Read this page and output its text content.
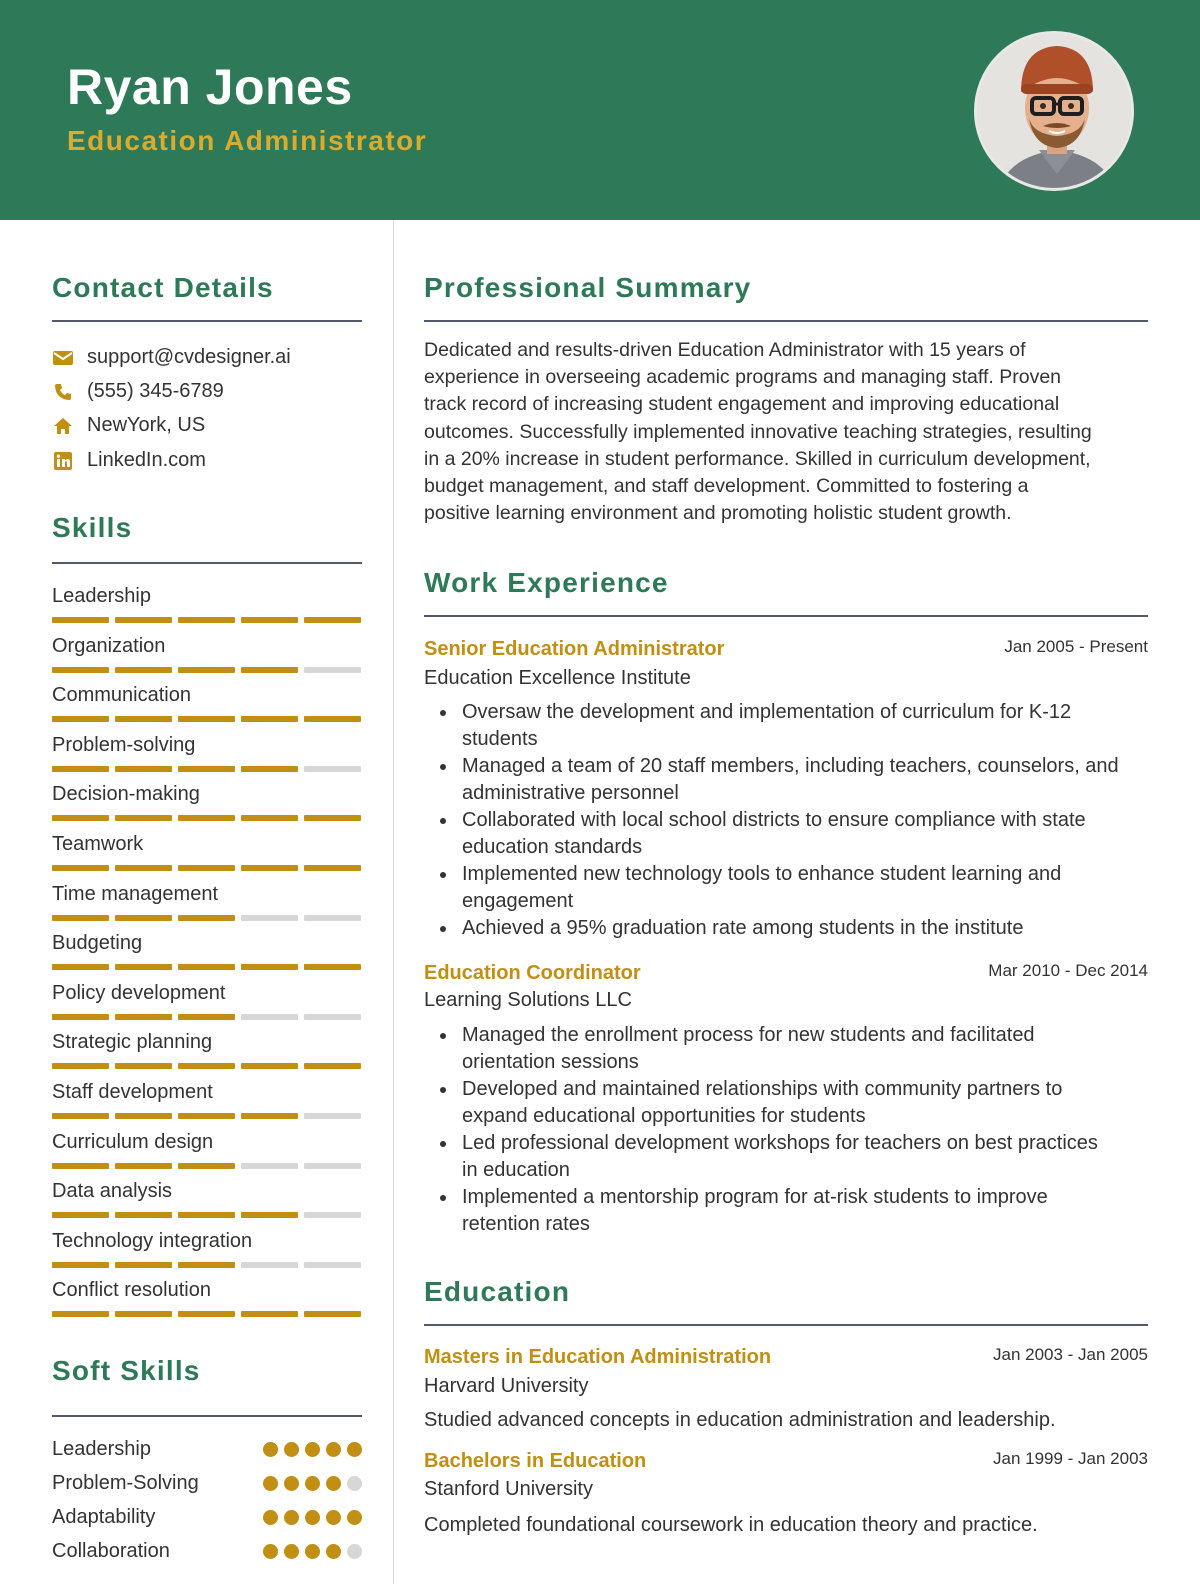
Ryan Jones
Education Administrator
Contact Details
support@cvdesigner.ai
(555) 345-6789
NewYork, US
LinkedIn.com
Skills
Leadership
Organization
Communication
Problem-solving
Decision-making
Teamwork
Time management
Budgeting
Policy development
Strategic planning
Staff development
Curriculum design
Data analysis
Technology integration
Conflict resolution
Soft Skills
Leadership
Problem-Solving
Adaptability
Collaboration
Professional Summary
Dedicated and results-driven Education Administrator with 15 years of
experience in overseeing academic programs and managing staff. Proven
track record of increasing student engagement and improving educational
outcomes. Successfully implemented innovative teaching strategies, resulting
in a 20% increase in student performance. Skilled in curriculum development,
budget management, and staff development. Committed to fostering a
positive learning environment and promoting holistic student growth.
Work Experience
Senior Education Administrator	Jan 2005 - Present
Education Excellence Institute
Oversaw the development and implementation of curriculum for K-12
students
Managed a team of 20 staff members, including teachers, counselors, and
administrative personnel
Collaborated with local school districts to ensure compliance with state
education standards
Implemented new technology tools to enhance student learning and
engagement
Achieved a 95% graduation rate among students in the institute
Education Coordinator	Mar 2010 - Dec 2014
Learning Solutions LLC
Managed the enrollment process for new students and facilitated
orientation sessions
Developed and maintained relationships with community partners to
expand educational opportunities for students
Led professional development workshops for teachers on best practices
in education
Implemented a mentorship program for at-risk students to improve
retention rates
Education
Masters in Education Administration	Jan 2003 - Jan 2005
Harvard University
Studied advanced concepts in education administration and leadership.
Bachelors in Education	Jan 1999 - Jan 2003
Stanford University
Completed foundational coursework in education theory and practice.
